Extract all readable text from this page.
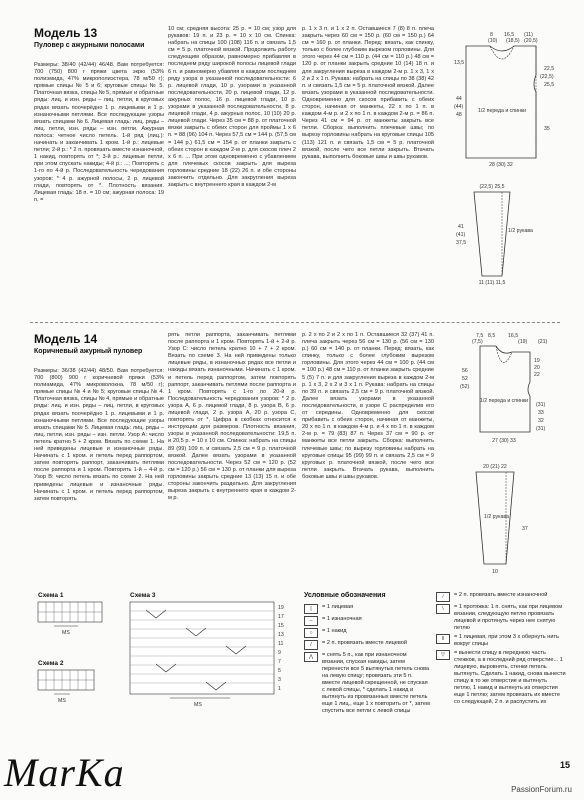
Модель 13
Пуловер с ажурными полосами

Размеры: 38/40 (42/44) 46/48. Вам потребуется: 700 (750) 800 г пряжи цвета экрю (53% полиэмида, 47% микрополиэстера, 78 м/50 г); прямые спицы № 5 и 6; круговые спицы № 5. Платочная вязка, спицы № 5, прямые и обратные ряды: лиц. и изн. ряды – лиц. петли, в круговых рядах вязать поочерёдно 1 р. лицевыми и 1 р. изнаночными петлями. Все последующие узоры вязать спицами № 6. Лицевая гладь: лиц. ряды – лиц. петли, изн. ряды – изн. петли. Ажурная полоса: четное число петель. 1-й ряд (лиц.): начинать и заканчивать 1 кром. 1-й р.: лицевые петли; 2-й р.: * 2 п. провязать вместе изнаночной, 1 накид, повторять от *; 3-й р.: лицевые петли, при этом спускать накиды; 4-й р.: ...; Повторять с 1-го по 4-й р. Последовательность чередования узоров: * 4 р. ажурной полосы, 2 р. лицевой глади, повторять от *. Плотность вязания. Лицевая гладь: 18 п. = 10 см; ажурная полоса: 19 п. =

10 см; средняя высота: 25 р. = 10 см; узор для рукавов: 19 п. и 23 р. = 10 х 10 см. Спинка: набрать на спицы 100 (108) 116 п. и связать 1,5 см = 5 р. платочной вязкой. Продолжить работу следующим образом, равномерно прибавляя в последнем ряду широкой полосы лицевой глади 6 п. и равномерно убавляя в каждом последнем ряду узора в указанной последовательности: 6 р. лицевой глади, 10 р. узорами в указанной последовательности, 20 р. лицевой глади, 12 р. ажурных полос, 16 р. лицевой глади, 10 р. узорами в указанной последовательности, 8 р. лицевой глади, 4 р. ажурных полос, 10 (10) 20 р. лицевой глади. Через 35 см = 88 р. от платочной вязки закрыть с обеих сторон для проймы 1 х 6 п. = 88 (96) 104 п. Через 57,5 см = 144 р. (57,5 см = 144 р.) 61,5 см = 154 р. от планки закрыть с обеих сторон в каждом 2-м р. для скосов плеч 2 х 6 п. ... При этом одновременно с убавлением для плечевых скосов закрыть для выреза горловины средние 18 (22) 26 п. и обе стороны закончить отдельно. Для закругления выреза закрыть с внутреннего края в каждом 2-м

р. 1 х 3 п. и 1 х 2 п. Оставшиеся 7 (8) 8 п. плеча закрыть через 60 см = 150 р. (60 см = 150 р.) 64 см = 160 р. от планки. Перед: вязать, как спинку, только с более глубоким вырезом горловины. Для этого через 44 см = 110 р. (44 см = 110 р.) 48 см = 120 р. от планки закрыть средние 10 (14) 18 п. и для закругления выреза в каждом 2-м р. 1 х 3, 1 х 2 и 2 х 1 п. Рукава: набрать на спицы по 38 (38) 42 п. и связать 1,5 см = 5 р. платочной вязкой. Далее вязать узорами в указанной последовательности. Одновременно для скосов прибавить с обеих сторон, начиная от манжеты, 22 х по 1 п. в каждом 4-м р. и 2 х по 1 п. в каждом 2-м р. = 86 п. Через 41 см = 94 р. от манжеты закрыть все петли. Сборка: выполнить плечевые швы; по вырезу горловины набрать на круговые спицы 105 (113) 121 п. и связать 1,5 см = 5 р. платочной вязкой, после чего все петли закрыть. Втачать рукава, выполнить боковые швы и швы рукавов.

1/2 переда и спинки
28 (30) 32
8 16,5
(10) (18,5)
(11)
(20,5)
13,5
22,5
(22,5)
25,5
44
(44)
48
35
(22,5) 25,5
1/2 рукава
11 (11) 11,5
41
(41)
37,5
Модель 14
Коричневый ажурный пуловер

Размеры: 36/38 (42/44) 48/50. Вам потребуется: 700 (800) 900 г коричневой пряжи (53% полиамида, 47% микроволокна, 78 м/50 г); прямые спицы № 4 и № 5; круговые спицы № 4. Платочная вязка, спицы № 4, прямые и обратные ряды: лиц. и изн. ряды – лиц. петли, в круговых рядах вязать поочерёдно 1 р. лицевыми и 1 р. изнаночными петлями. Все последующие узоры вязать спицами № 5. Лицевая гладь: лиц. ряды – лиц. петли, изн. ряды – изн. петли. Узор A: число петель кратно 5 + 2 кром. Вязать по схеме 1. На ней приведены лицевые и изнаночные ряды. Начинать с 1 кром. и петель перед раппортом, затем повторять раппорт, заканчивать петлями после раппорта и 1 кром. Повторять 1-й – 4-й р. Узор B: число петель вязать по схеме 2. На ней приведены лицевые и изнаночные ряды. Начинать с 1 кром. и петель перед раппортом, затем повторять

рять петли раппорта, заканчивать петлями после раппорта и 1 кром. Повторять 1-й + 2-й р. Узор C: число петель кратно 10 + 7 + 2 кром. Вязать по схеме 3. На ней приведены только лицевые ряды, в изнаночных рядах все петли и накиды вязать изнаночными. Начинать с 1 кром. и петель перед раппортом, затем повторять раппорт, заканчивать петлями после раппорта и 1 кром. Повторять с 1-го по 20-й р. Последовательность чередования узоров: * 2 р. узора А, 6 р. лицевой глади, 8 р. узора В, 6 р. лицевой глади, 2 р. узора А, 20 р. узора С, повторять от *. Цифра в скобках относится к инструкции для размеров. Плотность вязания, узоры в указанной последовательности: 19,5 п. и 20,5 р. = 10 х 10 см. Спинка: набрать на спицы 89 (99) 109 п. и связать 2,5 см = 9 р. платочной вязкой. Далее вязать узорами в указанной последовательности. Через 52 см = 120 р. (52 см = 120 р.) 56 см = 130 р. от планки для выреза горловины закрыть средние 13 (13) 15 п. и обе стороны закончить раздельно. Для закругления выреза закрыть с внутреннего края в каждом 2-м р.

р. 2 х по 2 и 2 х по 1 п. Оставшиеся 32 (37) 41 п. плеча закрыть через 56 см = 130 р. (56 см = 130 р.) 60 см = 140 р. от планки. Перед: вязать, как спинку, только с более глубоким вырезом горловины. Для этого через 44 см = 100 р. (44 см = 100 р.) 48 см = 110 р. от планки закрыть средние 5 (5) 7 п. и для закругления выреза в каждом 2-м р. 1 х 3, 2 х 2 и 3 х 1 п. Рукава: набрать на спицы по 39 п. и связать 2,5 см = 9 р. платочной вязкой. Далее вязать узорами в указанной последовательности, в узоре С распределив его от середины. Одновременно для скосов прибавить с обеих сторон, начиная от манжеты, 20 х по 1 п. в каждом 4-м р. и 4 х по 1 п. в каждом 2-м р. = 79 (83) 87 п. Через 37 см = 90 р. от манжеты все петли закрыть. Сборка: выполнить плечевые швы; по вырезу горловины набрать на круговые спицы 95 (99) 99 п. и связать 2,5 см = 9 круговых р. платочной вязкой, после чего все петли закрыть. Втачать рукава, выполнить боковые швы и швы рукавов.

1/2 переда и спинки
27 (30) 33
7,5
(7,5)
8,5 16,5
(19) (21)
19
20
22
56
52
(52)
(31)
33
32
(31)
20 (21) 22
1/2 рукава
10
37
Схема 1
MS
Схема 2
MS
Схема 3
MS
19
17
15
13
11
9
7
5
3
1
Условные обозначения
|	= 1 лицевая
–	= 1 изнаночная
○	= 1 накид
/	= 2 п. провязать вместе лицевой
⋀	= снять 5 п., как при изнаночном вязании, спуская накиды, затем перенести все 5 вытянутых петель снова на левую спицу; провязать эти 5 п. вместе лицевой скрещенной, не спуская с левой спицы, * сделать 1 накид и вытянуть из провязанных вместе петель еще 1 лиц., еще 1 х повторить от *, затем спустить все петли с левой спицы
∕	= 2 п. провязать вместе изнаночной
\	= 1 протяжка: 1 п. снять, как при лицевом вязании, следующую петлю провязать лицевой и протянуть через нее снятую петлю
‖	= 1 лицевая, при этом 3 х обернуть нить вокруг спицы
▽	= вынести спицу в переднюю часть стежков, а в последний ряд отверстие... 1 лицевую, выровнять, стенки петель вытянуть. Сделать 1 накид, снова вынести спицу в то же отверстие и вытянуть петлю, 1 накид и вытянуть из отверстия еще 1 петлю; затем провязать их вместе со следующей, 2 п. и распустить их
15
PassionForum.ru
MarKa
